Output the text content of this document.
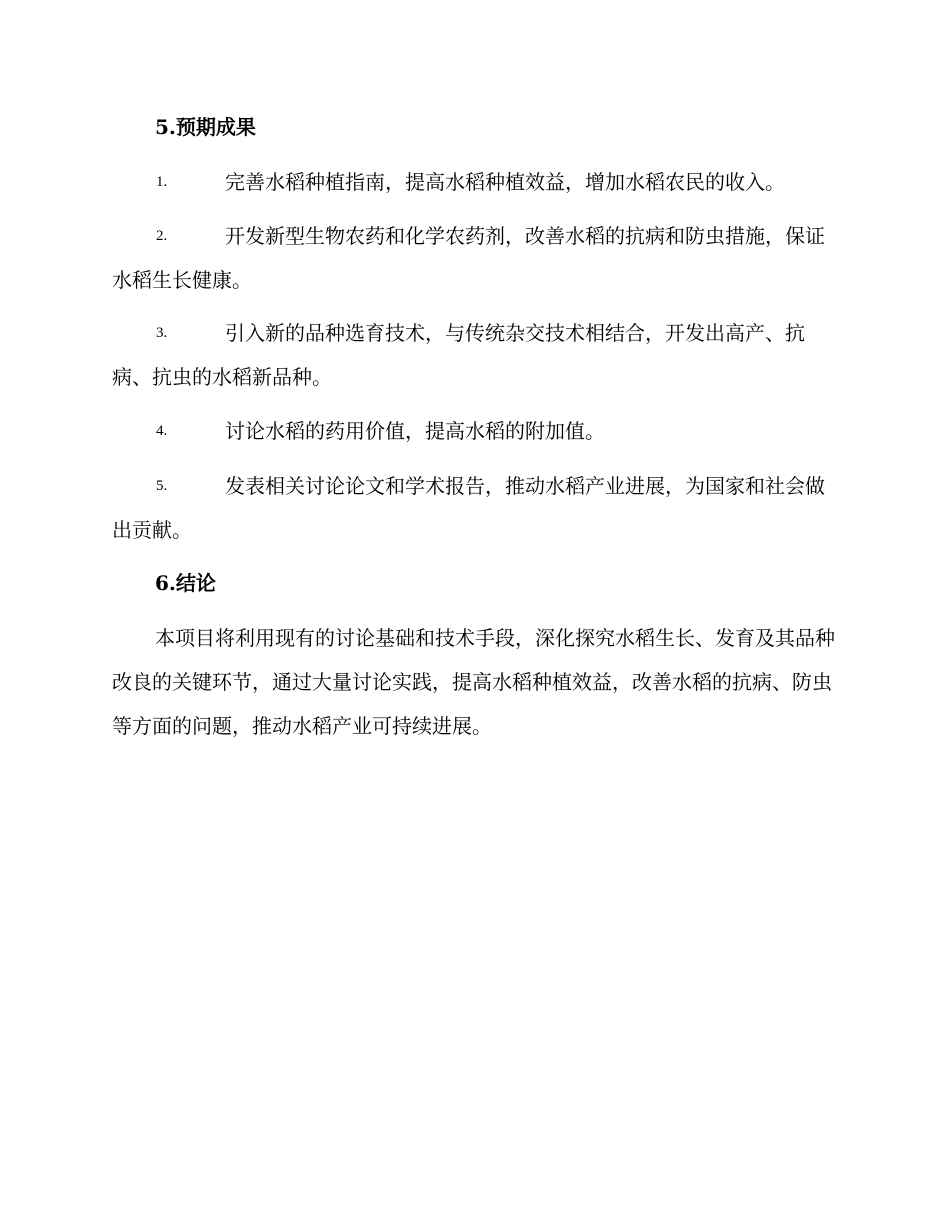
5.预期成果
1.	完善水稻种植指南，提高水稻种植效益，增加水稻农民的收入。
2.	开发新型生物农药和化学农药剂，改善水稻的抗病和防虫措施，保证水稻生长健康。
3.	引入新的品种选育技术，与传统杂交技术相结合，开发出高产、抗病、抗虫的水稻新品种。
4.	讨论水稻的药用价值，提高水稻的附加值。
5.	发表相关讨论论文和学术报告，推动水稻产业进展，为国家和社会做出贡献。
6.结论
本项目将利用现有的讨论基础和技术手段，深化探究水稻生长、发育及其品种改良的关键环节，通过大量讨论实践，提高水稻种植效益，改善水稻的抗病、防虫等方面的问题，推动水稻产业可持续进展。
